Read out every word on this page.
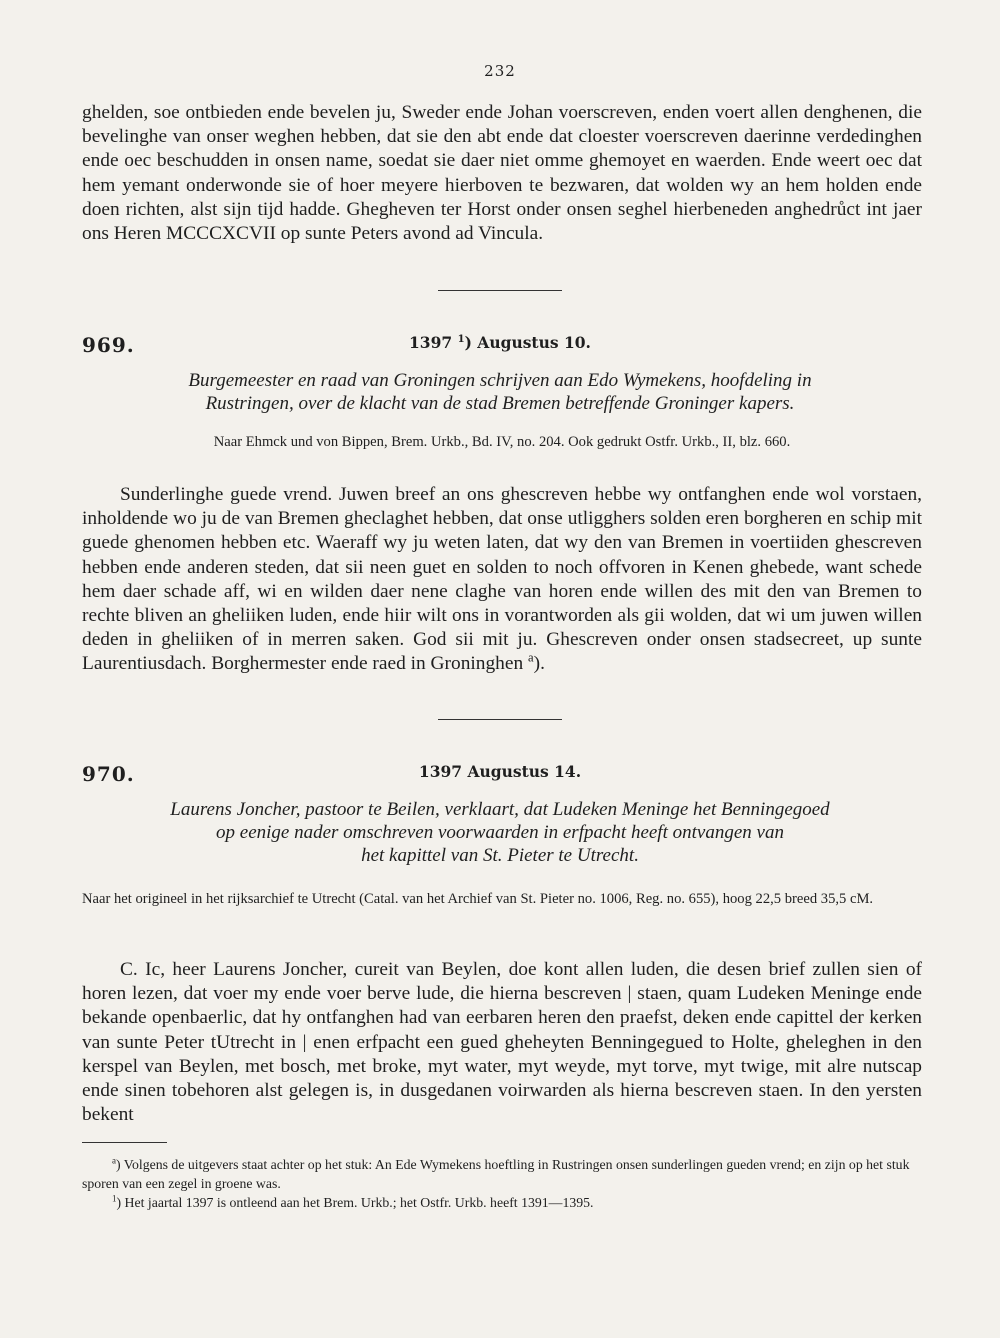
232

ghelden, soe ontbieden ende bevelen ju, Sweder ende Johan voerscreven, enden voert allen denghenen, die bevelinghe van onser weghen hebben, dat sie den abt ende dat cloester voerscreven daerinne verdedinghen ende oec beschudden in onsen name, soedat sie daer niet omme ghemoyet en waerden. Ende weert oec dat hem yemant onderwonde sie of hoer meyere hierboven te bezwaren, dat wolden wy an hem holden ende doen richten, alst sijn tijd hadde. Ghegheven ter Horst onder onsen seghel hierbeneden anghedrůct int jaer ons Heren MCCCXCVII op sunte Peters avond ad Vincula.

969.	1397 $^1$) Augustus 10.
Burgemeester en raad van Groningen schrijven aan Edo Wymekens, hoofdeling in
Rustringen, over de klacht van de stad Bremen betreffende Groninger kapers.
Naar Ehmck und von Bippen, Brem. Urkb., Bd. IV, no. 204. Ook gedrukt Ostfr. Urkb., II, blz. 660.

Sunderlinghe guede vrend. Juwen breef an ons ghescreven hebbe wy ontfanghen ende wol vorstaen, inholdende wo ju de van Bremen gheclaghet hebben, dat onse utligghers solden eren borgheren en schip mit guede ghenomen hebben etc. Waeraff wy ju weten laten, dat wy den van Bremen in voertiiden ghescreven hebben ende anderen steden, dat sii neen guet en solden to noch offvoren in Kenen ghebede, want schede hem daer schade aff, wi en wilden daer nene claghe van horen ende willen des mit den van Bremen to rechte bliven an gheliiken luden, ende hiir wilt ons in vorantworden als gii wolden, dat wi um juwen willen deden in gheliiken of in merren saken. God sii mit ju. Ghescreven onder onsen stadsecreet, up sunte Laurentiusdach. Borghermester ende raed in Groninghen $^a$).

970.	1397 Augustus 14.
Laurens Joncher, pastoor te Beilen, verklaart, dat Ludeken Meninge het Benningegoed
op eenige nader omschreven voorwaarden in erfpacht heeft ontvangen van
het kapittel van St. Pieter te Utrecht.
Naar het origineel in het rijksarchief te Utrecht (Catal. van het Archief van St. Pieter no. 1006, Reg. no. 655), hoog 22,5 breed 35,5 cM.

C. Ic, heer Laurens Joncher, cureit van Beylen, doe kont allen luden, die desen brief zullen sien of horen lezen, dat voer my ende voer berve lude, die hierna bescreven | staen, quam Ludeken Meninge ende bekande openbaerlic, dat hy ontfanghen had van eerbaren heren den praefst, deken ende capittel der kerken van sunte Peter tUtrecht in | enen erfpacht een gued gheheyten Benningegued to Holte, gheleghen in den kerspel van Beylen, met bosch, met broke, myt water, myt weyde, myt torve, myt twige, mit alre nutscap ende sinen tobehoren alst gelegen is, in dusgedanen voirwarden als hierna bescreven staen. In den yersten bekent

$^a$) Volgens de uitgevers staat achter op het stuk: An Ede Wymekens hoeftling in Rustringen onsen sunderlingen gueden vrend; en zijn op het stuk sporen van een zegel in groene was.

$^1$) Het jaartal 1397 is ontleend aan het Brem. Urkb.; het Ostfr. Urkb. heeft 1391—1395.
